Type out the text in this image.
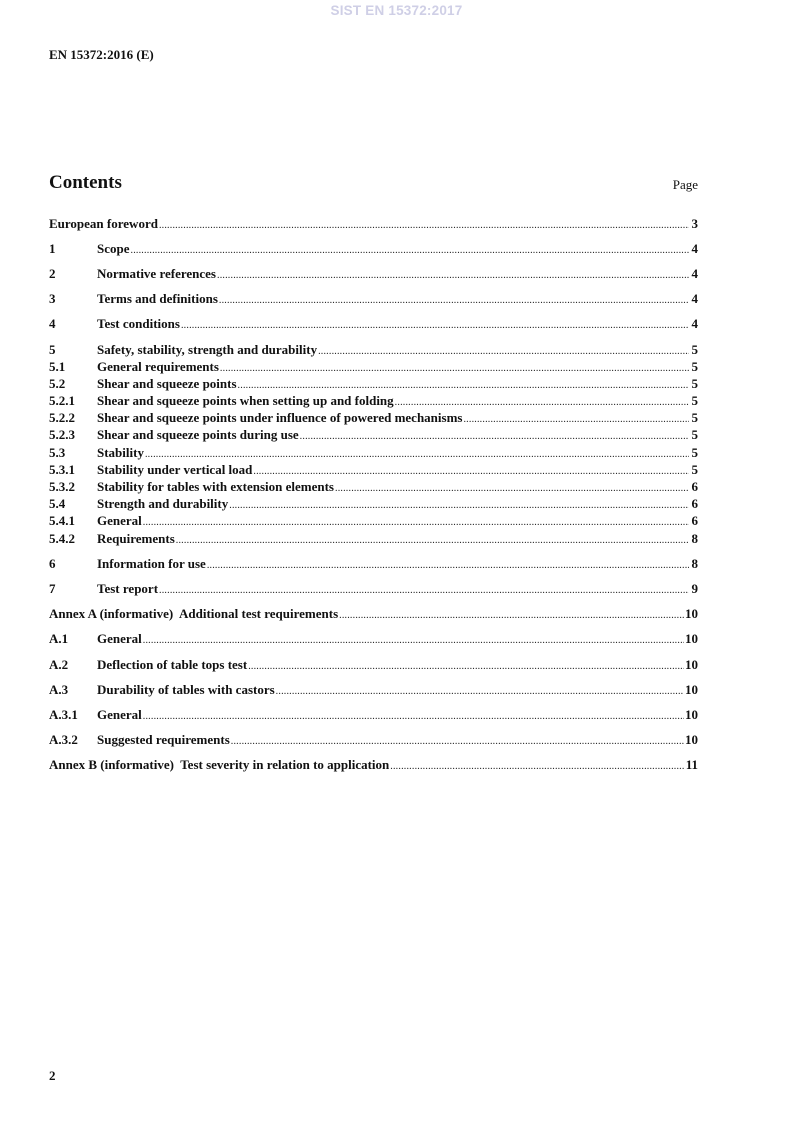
SIST EN 15372:2017
EN 15372:2016 (E)
Contents	Page
European foreword .....	3
1	Scope .....	4
2	Normative references .....	4
3	Terms and definitions .....	4
4	Test conditions .....	4
5	Safety, stability, strength and durability .....	5
5.1	General requirements .....	5
5.2	Shear and squeeze points .....	5
5.2.1	Shear and squeeze points when setting up and folding .....	5
5.2.2	Shear and squeeze points under influence of powered mechanisms .....	5
5.2.3	Shear and squeeze points during use .....	5
5.3	Stability .....	5
5.3.1	Stability under vertical load .....	5
5.3.2	Stability for tables with extension elements .....	6
5.4	Strength and durability .....	6
5.4.1	General .....	6
5.4.2	Requirements .....	8
6	Information for use .....	8
7	Test report .....	9
Annex A (informative)  Additional test requirements .....	10
A.1	General .....	10
A.2	Deflection of table tops test .....	10
A.3	Durability of tables with castors .....	10
A.3.1	General .....	10
A.3.2	Suggested requirements .....	10
Annex B (informative)  Test severity in relation to application .....	11
2
